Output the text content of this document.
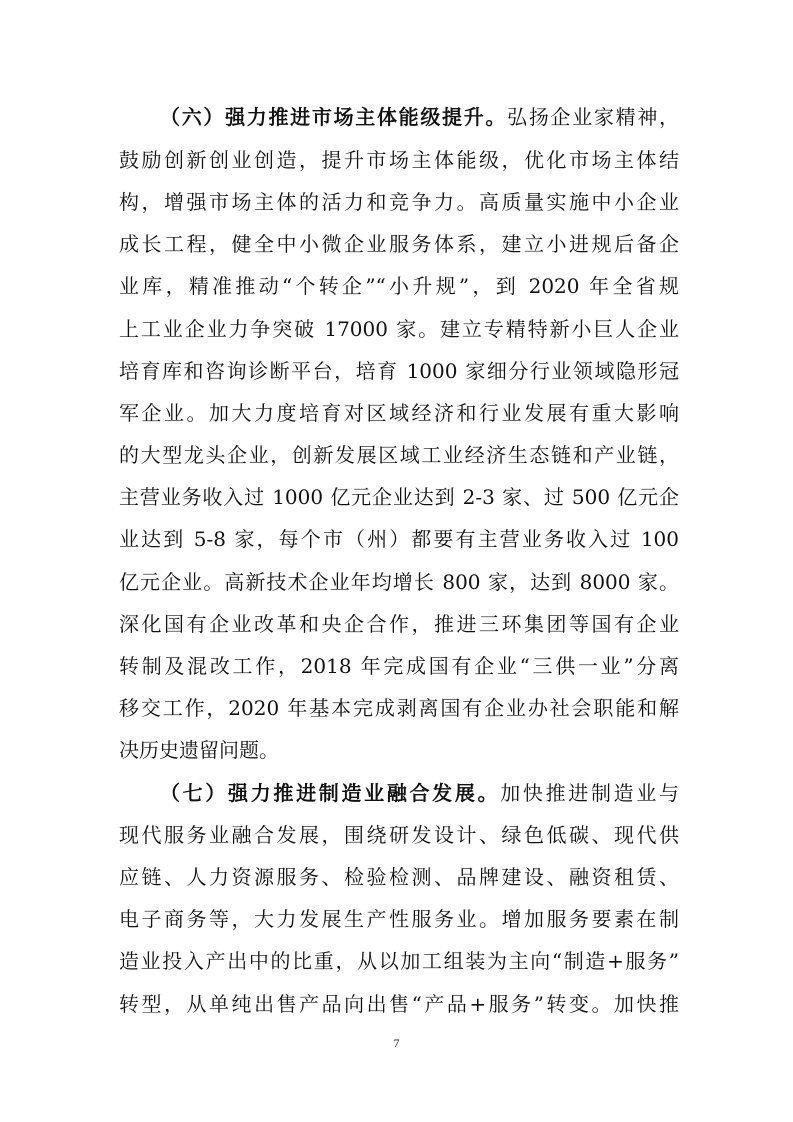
（六）强力推进市场主体能级提升。弘扬企业家精神，
鼓励创新创业创造，提升市场主体能级，优化市场主体结
构，增强市场主体的活力和竞争力。高质量实施中小企业
成长工程，健全中小微企业服务体系，建立小进规后备企
业库，精准推动“个转企”“小升规”，到 2020 年全省规
上工业企业力争突破 17000 家。建立专精特新小巨人企业
培育库和咨询诊断平台，培育 1000 家细分行业领域隐形冠
军企业。加大力度培育对区域经济和行业发展有重大影响
的大型龙头企业，创新发展区域工业经济生态链和产业链，
主营业务收入过 1000 亿元企业达到 2-3 家、过 500 亿元企
业达到 5-8 家，每个市（州）都要有主营业务收入过 100
亿元企业。高新技术企业年均增长 800 家，达到 8000 家。
深化国有企业改革和央企合作，推进三环集团等国有企业
转制及混改工作，2018 年完成国有企业“三供一业”分离
移交工作，2020 年基本完成剥离国有企业办社会职能和解
决历史遗留问题。
（七）强力推进制造业融合发展。加快推进制造业与
现代服务业融合发展，围绕研发设计、绿色低碳、现代供
应链、人力资源服务、检验检测、品牌建设、融资租赁、
电子商务等，大力发展生产性服务业。增加服务要素在制
造业投入产出中的比重，从以加工组装为主向“制造+服务”
转型，从单纯出售产品向出售“产品+服务”转变。加快推
7
